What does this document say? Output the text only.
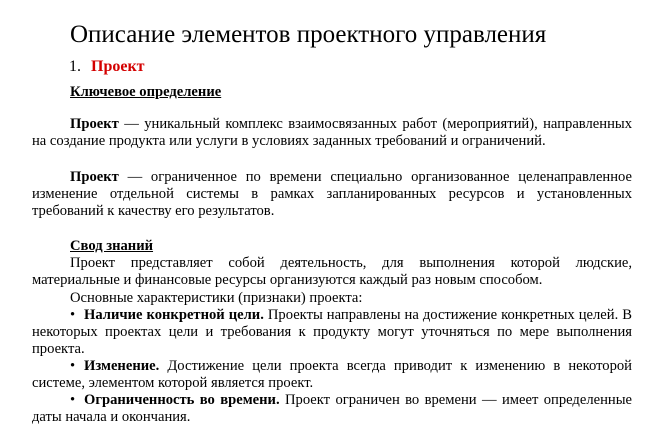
Описание элементов проектного управления
1. Проект
Ключевое определение
Проект — уникальный комплекс взаимосвязанных работ (мероприятий), направленных на создание продукта или услуги в условиях заданных требований и ограничений.
Проект — ограниченное по времени специально организованное целенаправленное изменение отдельной системы в рамках запланированных ресурсов и установленных требований к качеству его результатов.
Свод знаний
Проект представляет собой деятельность, для выполнения которой людские, материальные и финансовые ресурсы организуются каждый раз новым способом.
Основные характеристики (признаки) проекта:
• Наличие конкретной цели. Проекты направлены на достижение конкретных целей. В некоторых проектах цели и требования к продукту могут уточняться по мере выполнения проекта.
• Изменение. Достижение цели проекта всегда приводит к изменению в некоторой системе, элементом которой является проект.
• Ограниченность во времени. Проект ограничен во времени — имеет определенные даты начала и окончания.
